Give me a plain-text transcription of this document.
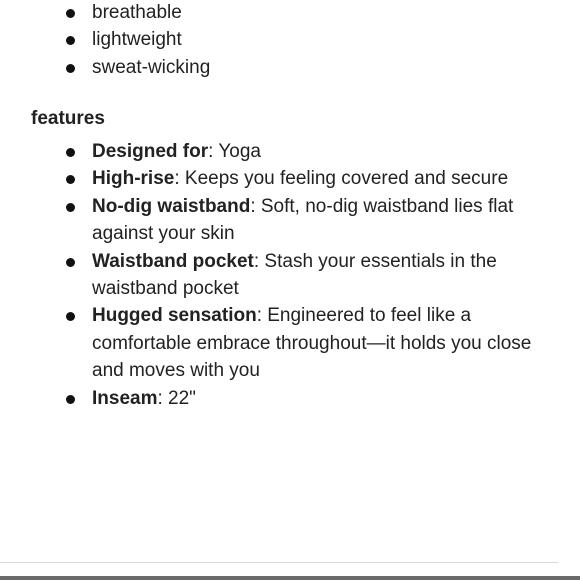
breathable
lightweight
sweat-wicking
features
Designed for: Yoga
High-rise: Keeps you feeling covered and secure
No-dig waistband: Soft, no-dig waistband lies flat against your skin
Waistband pocket: Stash your essentials in the waistband pocket
Hugged sensation: Engineered to feel like a comfortable embrace throughout—it holds you close and moves with you
Inseam: 22"
